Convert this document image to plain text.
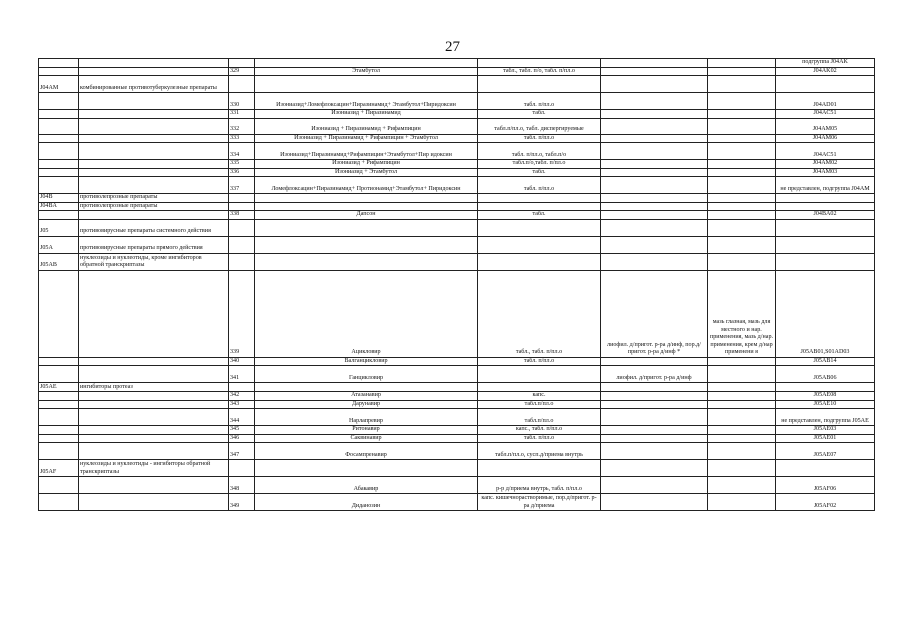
27
							подгруппа J04AK
		329	Этамбутол	табл., табл. п/о, табл. п/пл.о			J04AK02
J04AM	комбинированные противотуберкулезные препараты						
		330	Изониазид+Ломефлоксацин+Пиразинамид+ Этамбутол+Пиридоксин	табл. п/пл.о			J04AD01
		331	Изониазид + Пиразинамид	табл.			J04AC51
		332	Изониазид + Пиразинамид + Рифампицин	табл.п/пл.о, табл. диспергируемые			J04AM05
		333	Изониазид + Пиразинамид + Рифампицин + Этамбутол	табл. п/пл.о			J04AM06
		334	Изониазид+Пиразинамид+Рифампицин+Этамбутол+Пир идоксин	табл. п/пл.о, табл.п/о			J04AC51
		335	Изониазид + Рифампицин	табл.п/о,табл. п/пл.о			J04AM02
		336	Изониазид + Этамбутол	табл.			J04AM03
		337	Ломефлоксацин+Пиразинамид+ Протионамид+Этамбутол+ Пиридоксин	табл. п/пл.о			не представлен, подгруппа J04AM
J04B	противолепрозные препараты						
J04BA	противолепрозные препараты						
		338	Дапсон	табл.			J04BA02
J05	противовирусные препараты системного действия						
J05A	противовирусные препараты прямого действия						
J05AB	нуклеозиды и нуклеотиды, кроме ингибиторов обратной транскриптазы						
		339	Ацикловир	табл., табл. п/пл.о	лиофил. д/пригот. р-ра д/инф, пор.д/пригот. р-ра д/инф *	мазь глазная, мазь для местного и нар. применения, мазь д/нар. применения, крем д/нар применени я	J05AB01,S01AD03
		340	Валганцикловир	табл. п/пл.о			J05AB14
		341	Ганцикловир		лиофил. д/пригот. р-ра д/инф		J05AB06
J05AE	ингибиторы протеаз						
		342	Атазанавир	капс.			J05AE08
		343	Дарунавир	табл.п/пл.о			J05AE10
		344	Нарлапревир	табл.п/пл.о			не представлен, подгруппа J05AE
		345	Ритонавир	капс., табл. п/пл.о			J05AE03
		346	Саквинавир	табл. п/пл.о			J05AE01
		347	Фосампренавир	табл.п/пл.о, сусп.д/приема внутрь			J05AE07
J05AF	нуклеозиды и нуклеотиды - ингибиторы обратной транскриптазы						
		348	Абакавир	р-р д/приема внутрь, табл. п/пл.о			J05AF06
		349	Диданозин	капс. кишечнорастворимые, пор.д/пригот. р-ра д/приема			J05AF02
